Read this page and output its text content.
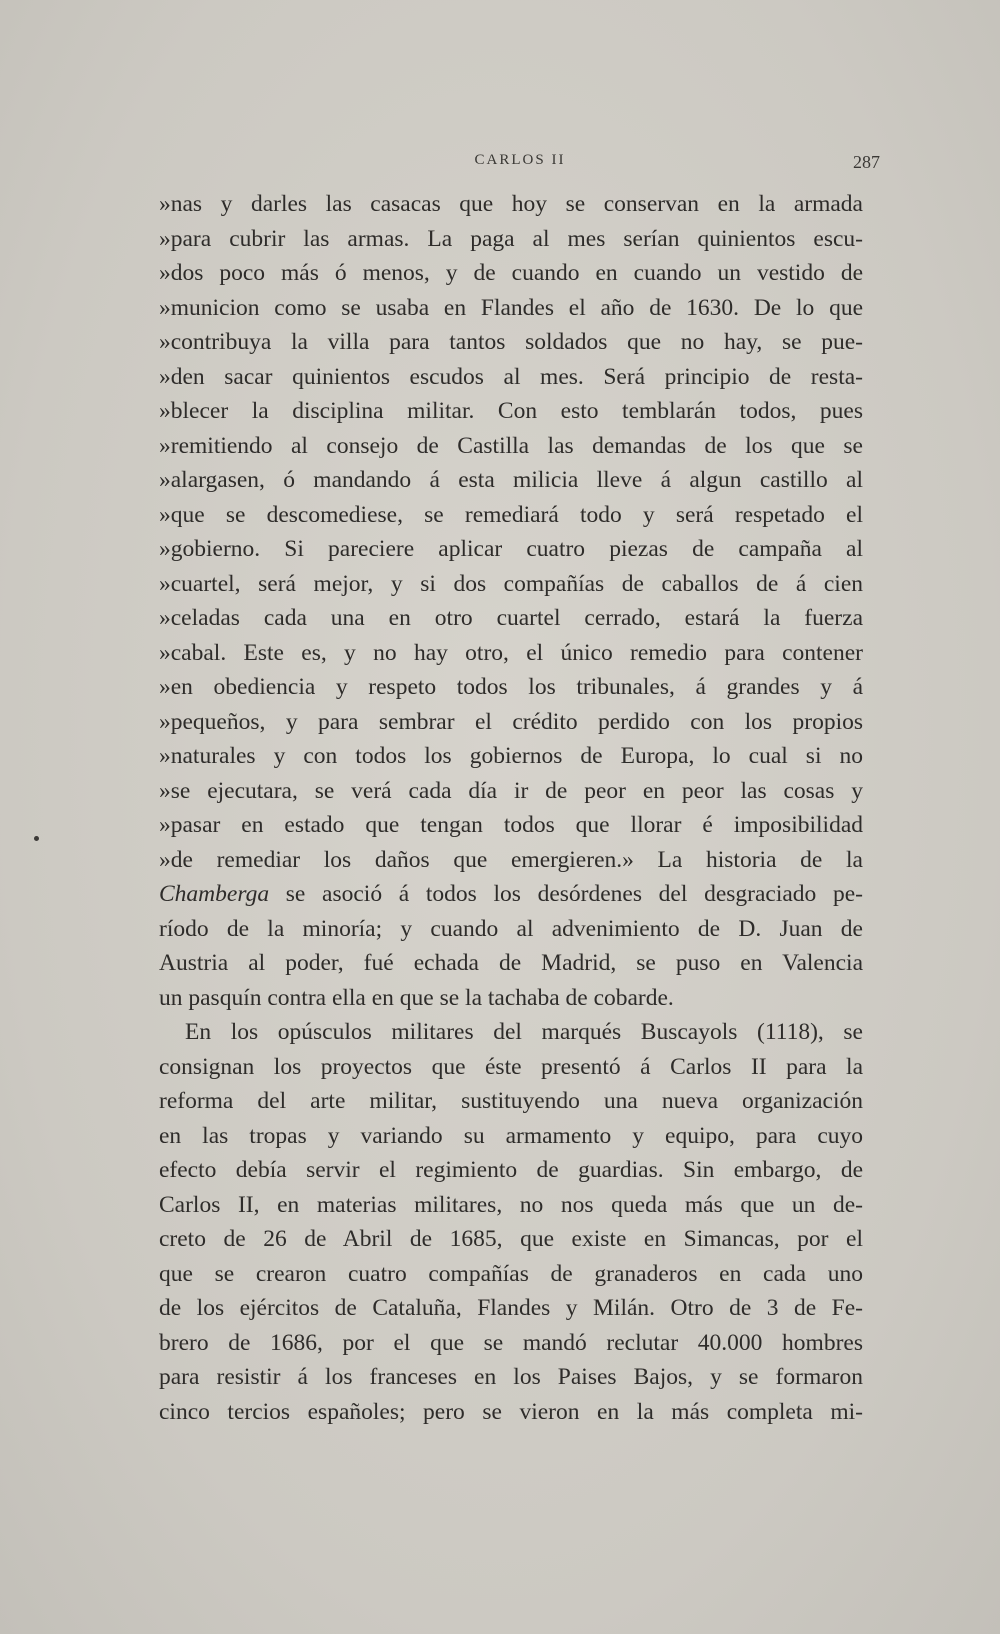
CARLOS II	287
»nas y darles las casacas que hoy se conservan en la armada
»para cubrir las armas. La paga al mes serían quinientos escu-
»dos poco más ó menos, y de cuando en cuando un vestido de
»municion como se usaba en Flandes el año de 1630. De lo que
»contribuya la villa para tantos soldados que no hay, se pue-
»den sacar quinientos escudos al mes. Será principio de resta-
»blecer la disciplina militar. Con esto temblarán todos, pues
»remitiendo al consejo de Castilla las demandas de los que se
»alargasen, ó mandando á esta milicia lleve á algun castillo al
»que se descomediese, se remediará todo y será respetado el
»gobierno. Si pareciere aplicar cuatro piezas de campaña al
»cuartel, será mejor, y si dos compañías de caballos de á cien
»celadas cada una en otro cuartel cerrado, estará la fuerza
»cabal. Este es, y no hay otro, el único remedio para contener
»en obediencia y respeto todos los tribunales, á grandes y á
»pequeños, y para sembrar el crédito perdido con los propios
»naturales y con todos los gobiernos de Europa, lo cual si no
»se ejecutara, se verá cada día ir de peor en peor las cosas y
»pasar en estado que tengan todos que llorar é imposibilidad
»de remediar los daños que emergieren.» La historia de la
Chamberga se asoció á todos los desórdenes del desgraciado pe-
ríodo de la minoría; y cuando al advenimiento de D. Juan de
Austria al poder, fué echada de Madrid, se puso en Valencia
un pasquín contra ella en que se la tachaba de cobarde.
En los opúsculos militares del marqués Buscayols (1118), se
consignan los proyectos que éste presentó á Carlos II para la
reforma del arte militar, sustituyendo una nueva organización
en las tropas y variando su armamento y equipo, para cuyo
efecto debía servir el regimiento de guardias. Sin embargo, de
Carlos II, en materias militares, no nos queda más que un de-
creto de 26 de Abril de 1685, que existe en Simancas, por el
que se crearon cuatro compañías de granaderos en cada uno
de los ejércitos de Cataluña, Flandes y Milán. Otro de 3 de Fe-
brero de 1686, por el que se mandó reclutar 40.000 hombres
para resistir á los franceses en los Paises Bajos, y se formaron
cinco tercios españoles; pero se vieron en la más completa mi-
